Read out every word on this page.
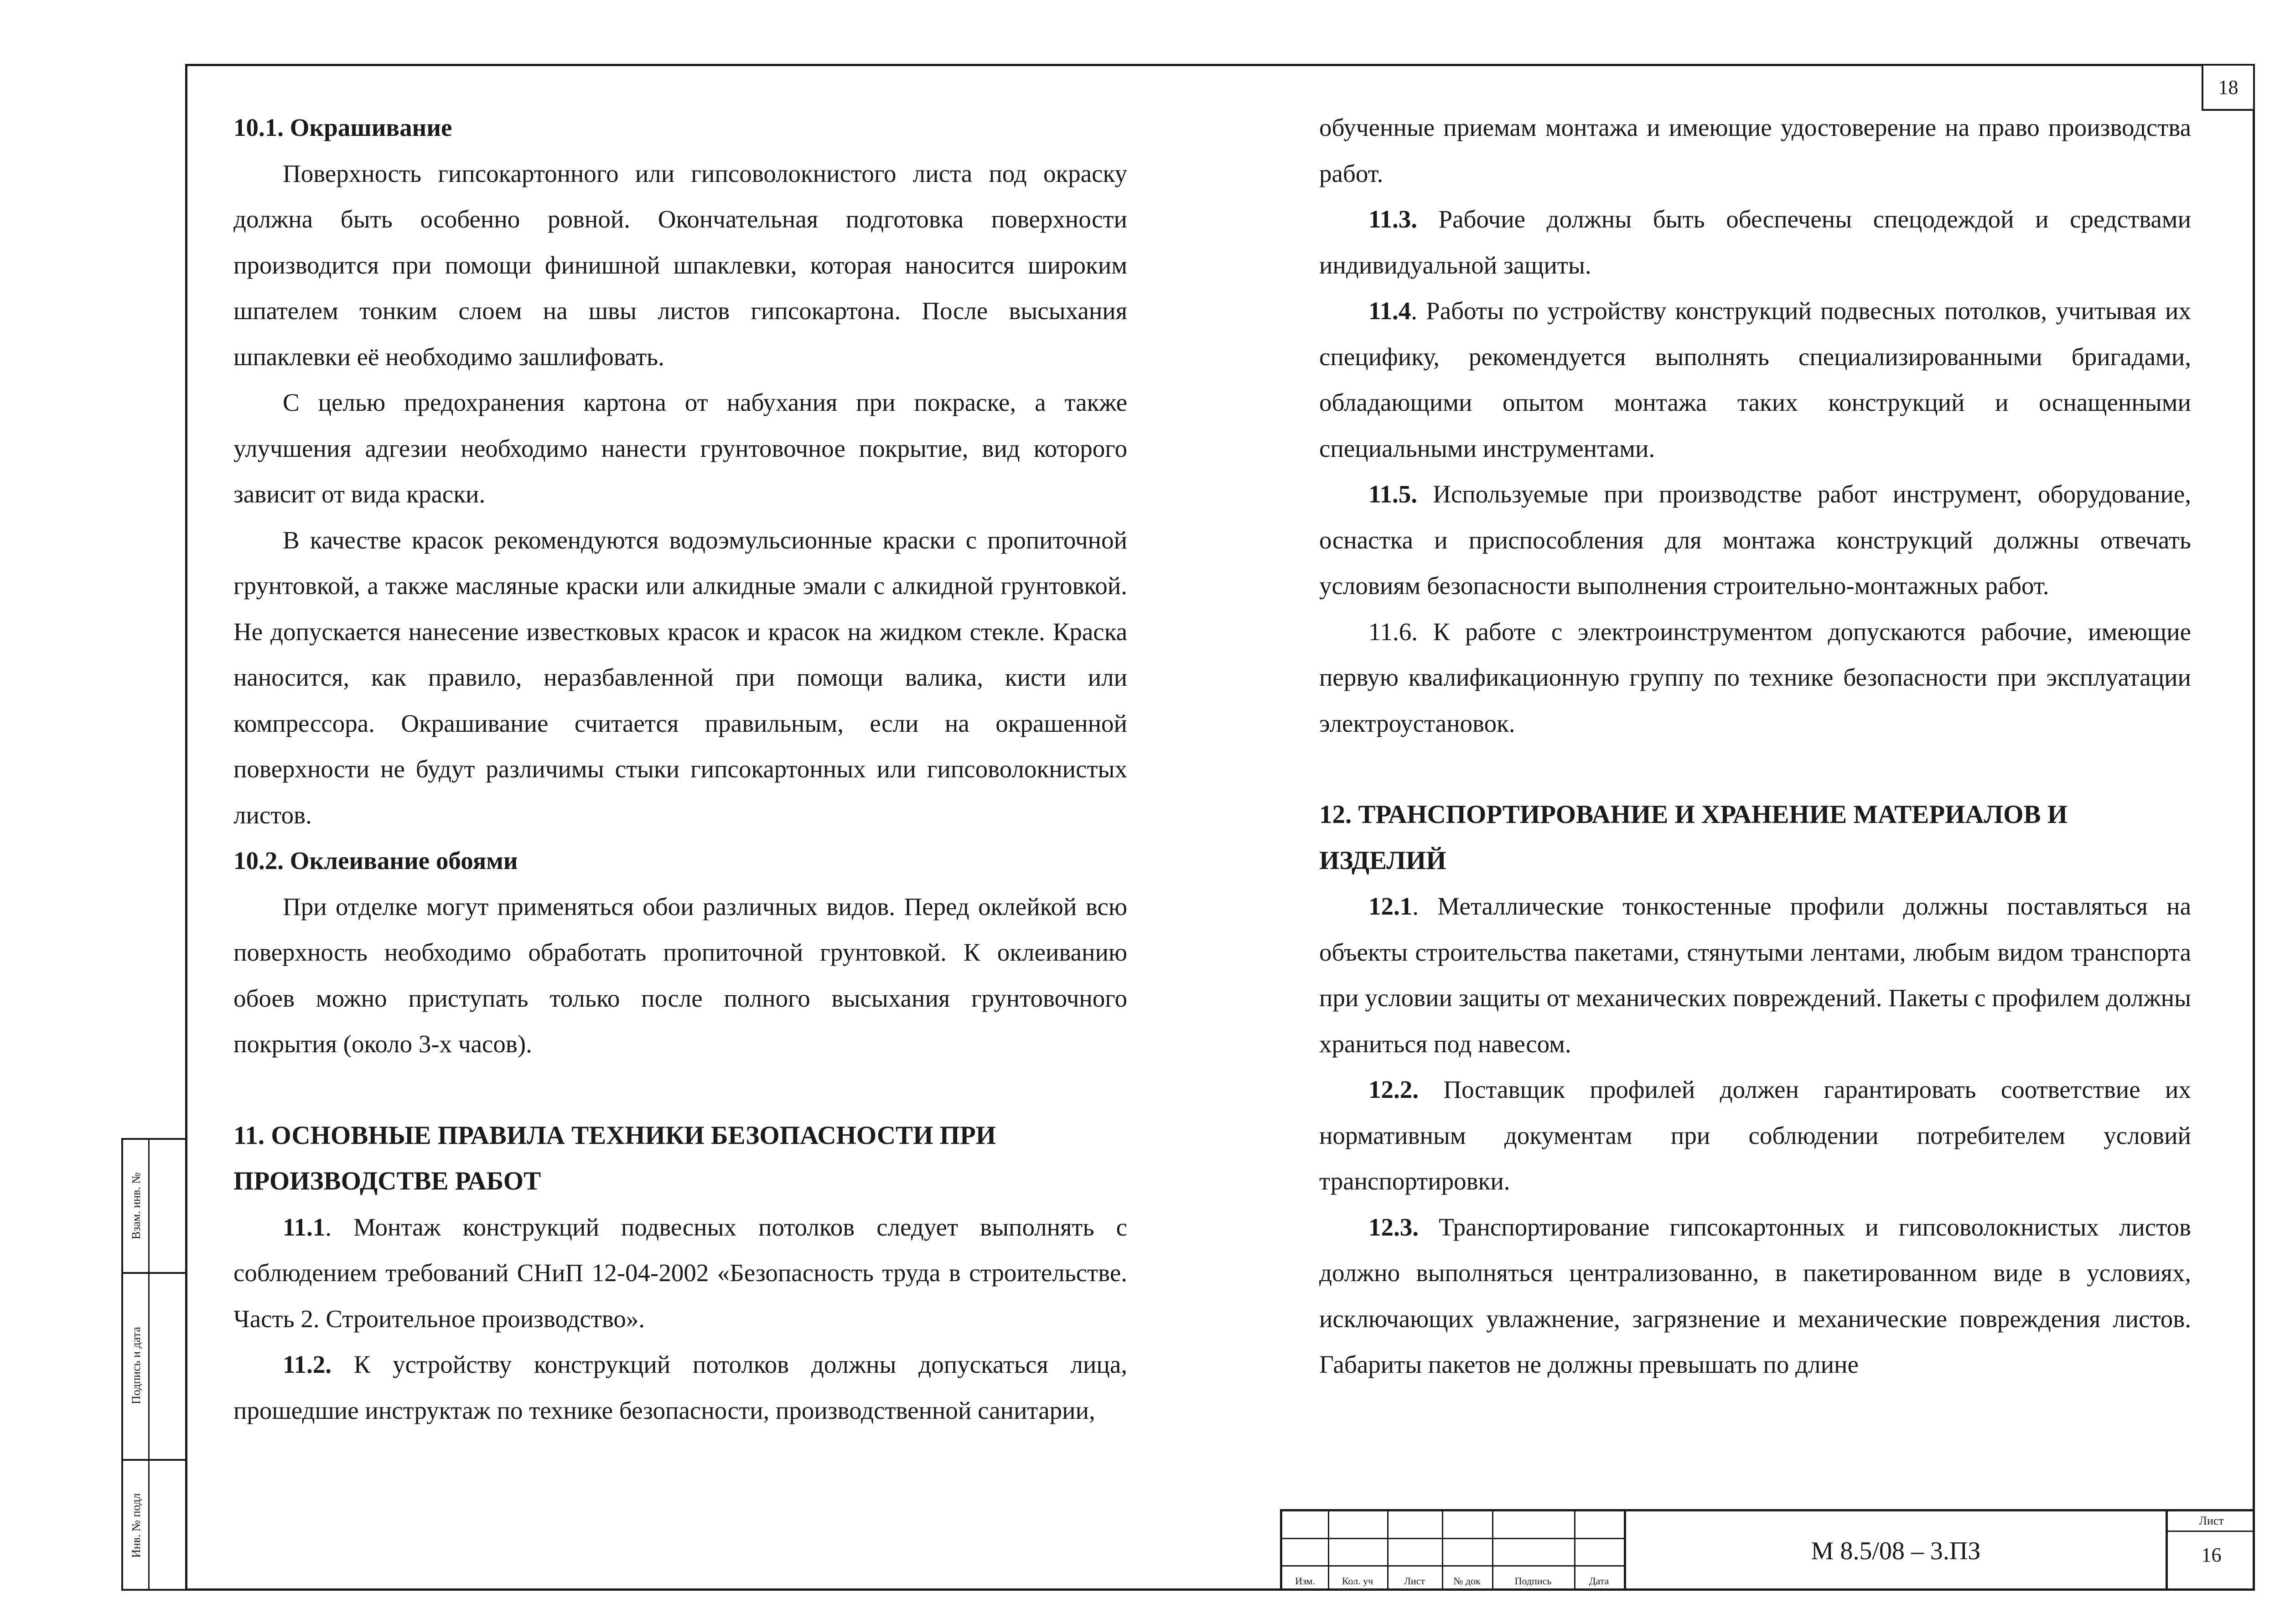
18

10.1. Окрашивание

Поверхность гипсокартонного или гипсоволокнистого листа под окраску должна быть особенно ровной. Окончательная подготовка поверхности производится при помощи финишной шпаклевки, которая наносится широким шпателем тонким слоем на швы листов гипсокартона. После высыхания шпаклевки её необходимо зашлифовать.

С целью предохранения картона от набухания при покраске, а также улучшения адгезии необходимо нанести грунтовочное покрытие, вид которого зависит от вида краски.

В качестве красок рекомендуются водоэмульсионные краски с пропиточной грунтовкой, а также масляные краски или алкидные эмали с алкидной грунтовкой. Не допускается нанесение известковых красок и красок на жидком стекле. Краска наносится, как правило, неразбавленной при помощи валика, кисти или компрессора. Окрашивание считается правильным, если на окрашенной поверхности не будут различимы стыки гипсокартонных или гипсоволокнистых листов.

10.2. Оклеивание обоями

При отделке могут применяться обои различных видов. Перед оклейкой всю поверхность необходимо обработать пропиточной грунтовкой. К оклеиванию обоев можно приступать только после полного высыхания грунтовочного покрытия (около 3-х часов).

11. ОСНОВНЫЕ ПРАВИЛА ТЕХНИКИ БЕЗОПАСНОСТИ ПРИ

ПРОИЗВОДСТВЕ РАБОТ

11.1. Монтаж конструкций подвесных потолков следует выполнять с соблюдением требований СНиП 12-04-2002 «Безопасность труда в строительстве. Часть 2. Строительное производство».

11.2. К устройству конструкций потолков должны допускаться лица, прошедшие инструктаж по технике безопасности, производственной санитарии,

обученные приемам монтажа и имеющие удостоверение на право производства работ.

11.3. Рабочие должны быть обеспечены спецодеждой и средствами индивидуальной защиты.

11.4. Работы по устройству конструкций подвесных потолков, учитывая их специфику, рекомендуется выполнять специализированными бригадами, обладающими опытом монтажа таких конструкций и оснащенными специальными инструментами.

11.5. Используемые при производстве работ инструмент, оборудование, оснастка и приспособления для монтажа конструкций должны отвечать условиям безопасности выполнения строительно-монтажных работ.

11.6. К работе с электроинструментом допускаются рабочие, имеющие первую квалификационную группу по технике безопасности при эксплуатации электроустановок.

12. ТРАНСПОРТИРОВАНИЕ И ХРАНЕНИЕ МАТЕРИАЛОВ И

ИЗДЕЛИЙ

12.1. Металлические тонкостенные профили должны поставляться на объекты строительства пакетами, стянутыми лентами, любым видом транспорта при условии защиты от механических повреждений. Пакеты с профилем должны храниться под навесом.

12.2. Поставщик профилей должен гарантировать соответствие их нормативным документам при соблюдении потребителем условий транспортировки.

12.3. Транспортирование гипсокартонных и гипсоволокнистых листов должно выполняться централизованно, в пакетированном виде в условиях, исключающих увлажнение, загрязнение и механические повреждения листов. Габариты пакетов не должны превышать по длине

Взам. инв. №
Подпись и дата
Инв. № подл
Изм.	Кол. уч	Лист	№ док	Подпись	Дата
М 8.5/08 – 3.ПЗ
Лист
16
